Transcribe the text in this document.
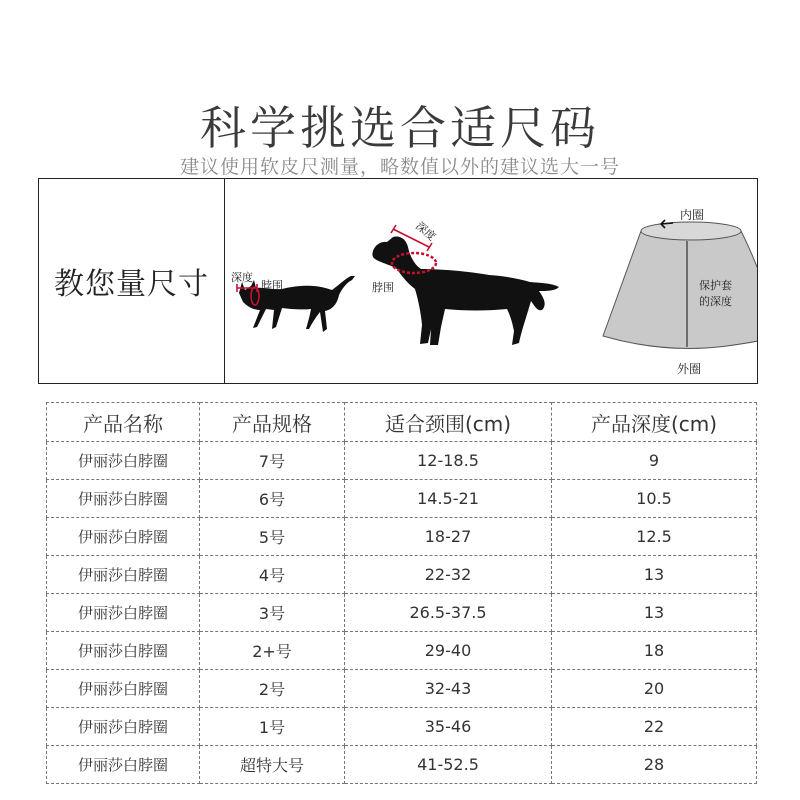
科学挑选合适尺码
建议使用软皮尺测量，略数值以外的建议选大一号
教您量尺寸	深度
脖围
深度
脖围
内圈
保护套
的深度
外圈
产品名称	产品规格	适合颈围(cm)	产品深度(cm)
伊丽莎白脖圈	7号	12-18.5	9
伊丽莎白脖圈	6号	14.5-21	10.5
伊丽莎白脖圈	5号	18-27	12.5
伊丽莎白脖圈	4号	22-32	13
伊丽莎白脖圈	3号	26.5-37.5	13
伊丽莎白脖圈	2+号	29-40	18
伊丽莎白脖圈	2号	32-43	20
伊丽莎白脖圈	1号	35-46	22
伊丽莎白脖圈	超特大号	41-52.5	28
